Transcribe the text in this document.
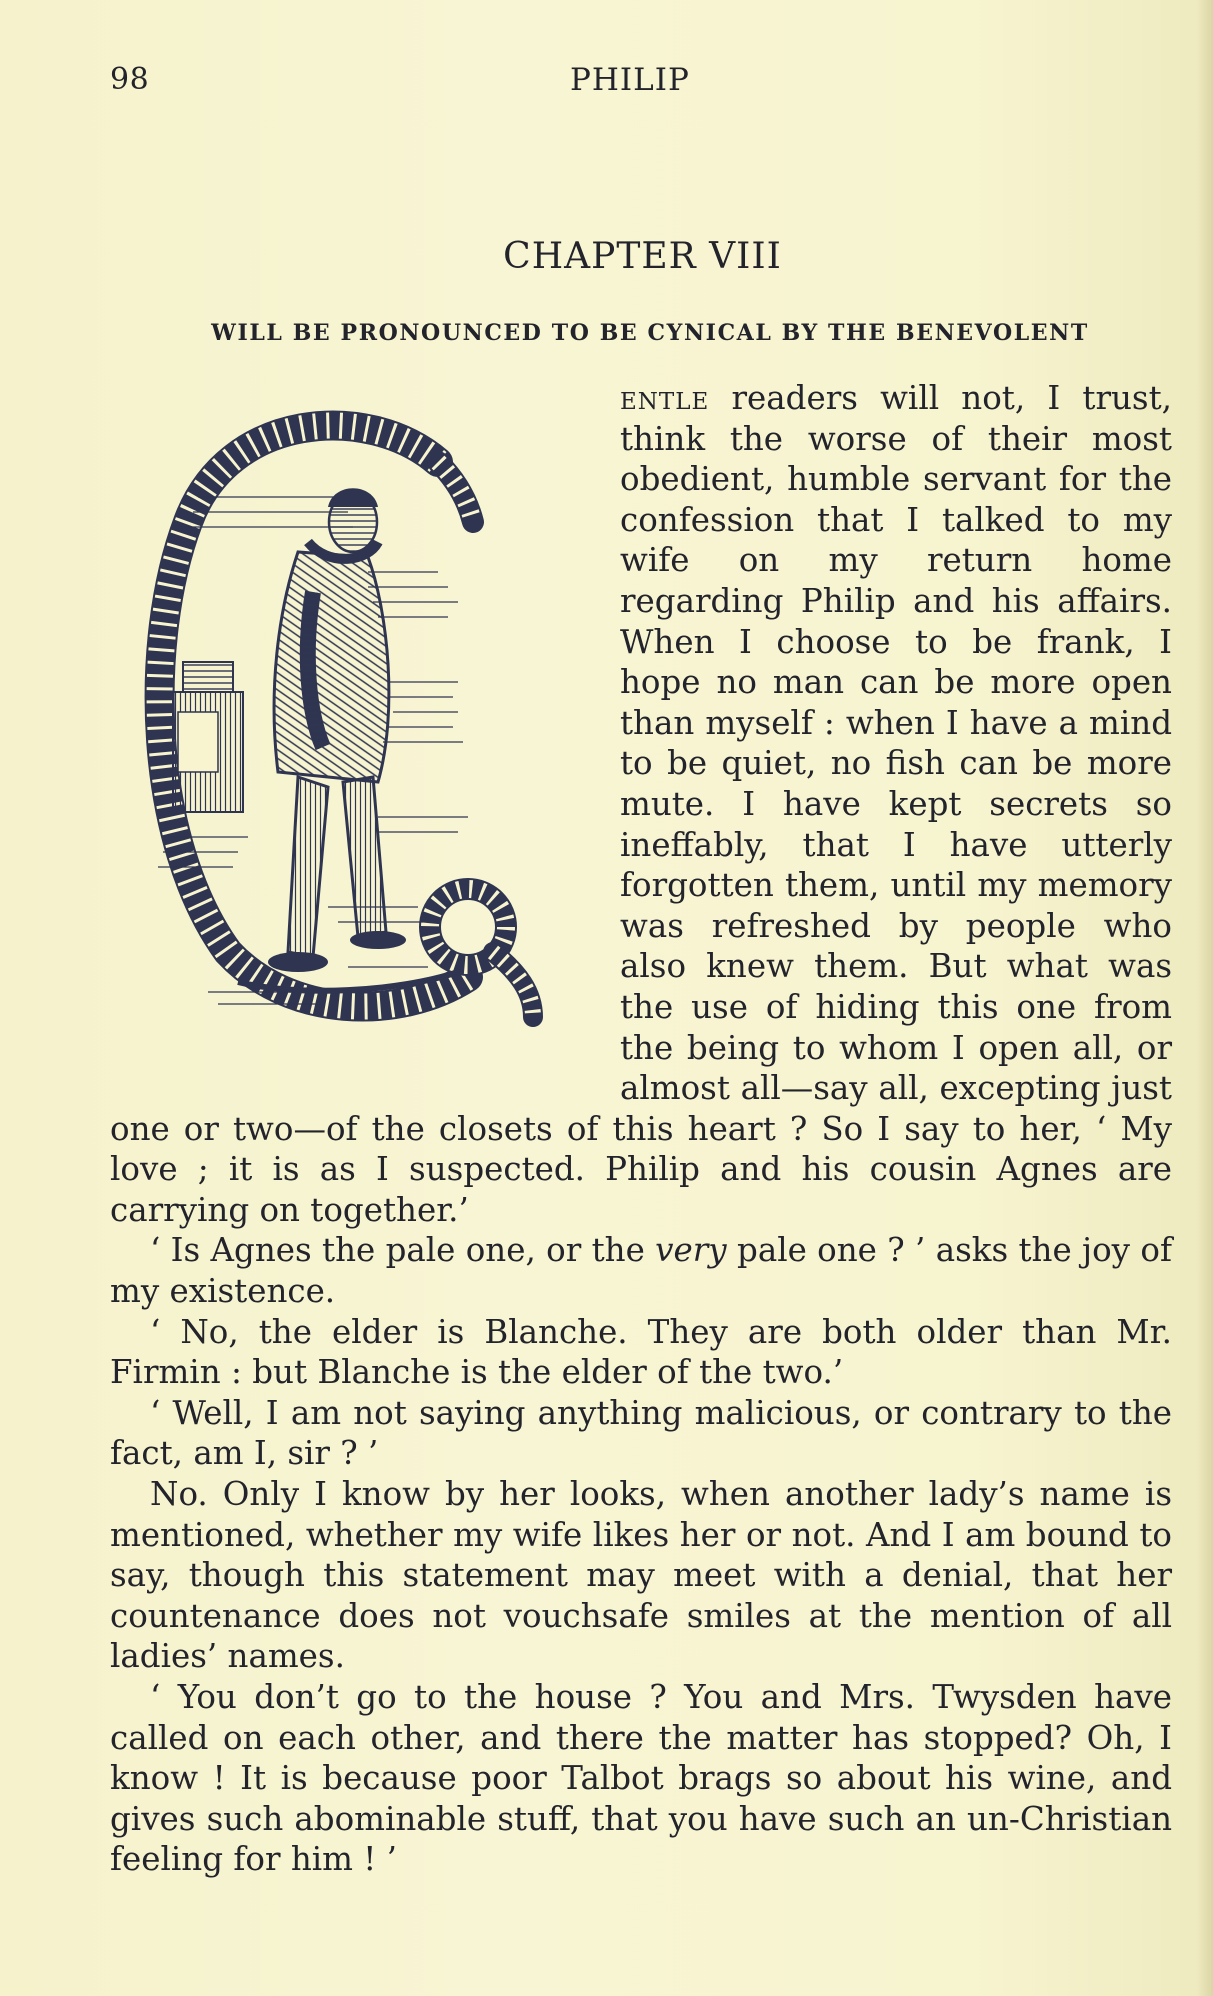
98	PHILIP
CHAPTER VIII
WILL BE PRONOUNCED TO BE CYNICAL BY THE BENEVOLENT

entle readers will not, I trust, think the worse of their most obedient, humble servant for the confession that I talked to my wife on my return home regarding Philip and his affairs. When I choose to be frank, I hope no man can be more open than myself : when I have a mind to be quiet, no fish can be more mute. I have kept secrets so ineffably, that I have utterly forgotten them, until my memory was refreshed by people who also knew them. But what was the use of hiding this one from the being to whom I open all, or almost all—say all, excepting just one or two—of the closets of this heart ? So I say to her, ‘ My love ; it is as I suspected. Philip and his cousin Agnes are carrying on together.’

‘ Is Agnes the pale one, or the very pale one ? ’ asks the joy of my existence.

‘ No, the elder is Blanche. They are both older than Mr. Firmin : but Blanche is the elder of the two.’

‘ Well, I am not saying anything malicious, or contrary to the fact, am I, sir ? ’

No. Only I know by her looks, when another lady’s name is mentioned, whether my wife likes her or not. And I am bound to say, though this statement may meet with a denial, that her countenance does not vouchsafe smiles at the mention of all ladies’ names.

‘ You don’t go to the house ? You and Mrs. Twysden have called on each other, and there the matter has stopped? Oh, I know ! It is because poor Talbot brags so about his wine, and gives such abominable stuff, that you have such an un-Christian feeling for him ! ’
